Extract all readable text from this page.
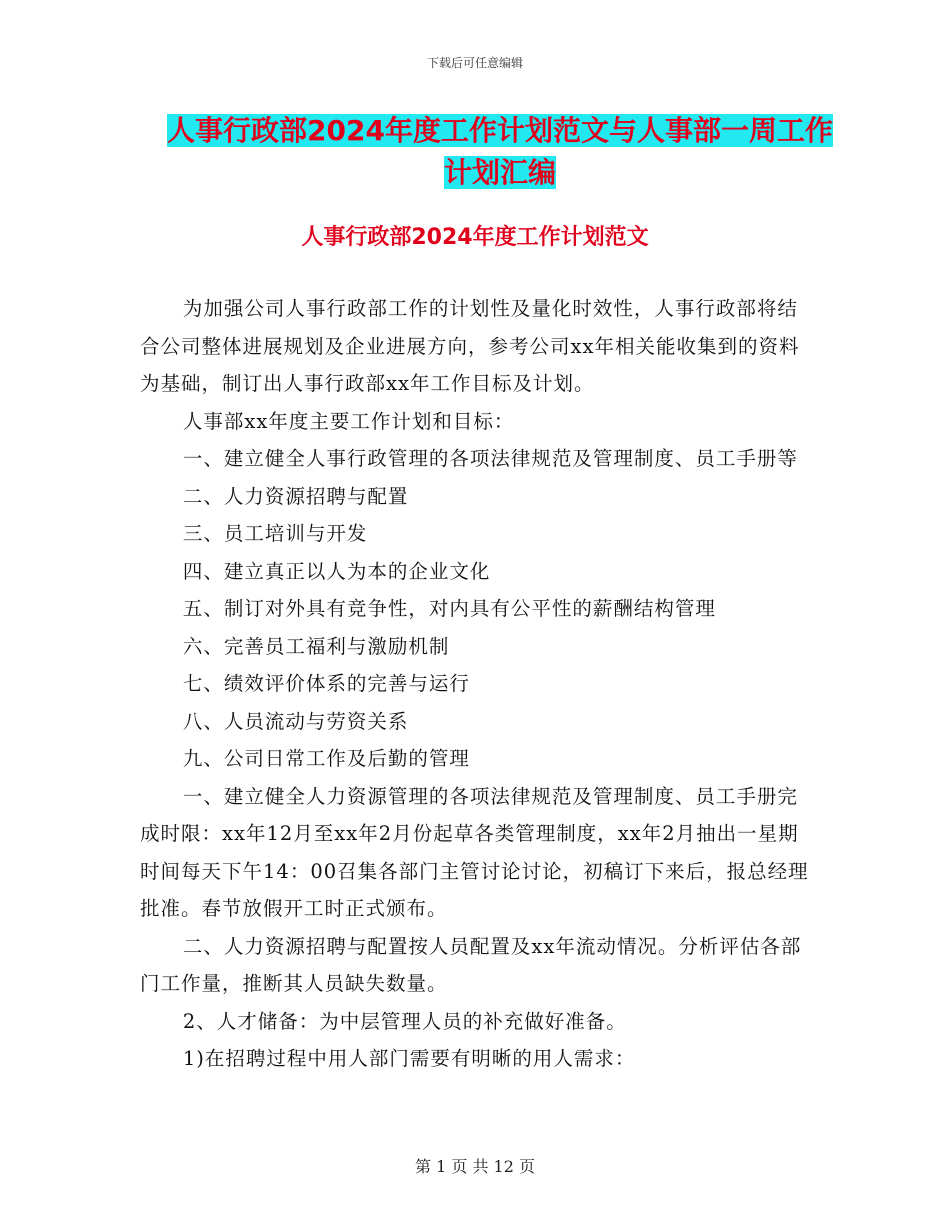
下载后可任意编辑
人事行政部2024年度工作计划范文与人事部一周工作
计划汇编
人事行政部2024年度工作计划范文

为加强公司人事行政部工作的计划性及量化时效性，人事行政部将结合公司整体进展规划及企业进展方向，参考公司xx年相关能收集到的资料为基础，制订出人事行政部xx年工作目标及计划。

人事部xx年度主要工作计划和目标：

一、建立健全人事行政管理的各项法律规范及管理制度、员工手册等

二、人力资源招聘与配置

三、员工培训与开发

四、建立真正以人为本的企业文化

五、制订对外具有竞争性，对内具有公平性的薪酬结构管理

六、完善员工福利与激励机制

七、绩效评价体系的完善与运行

八、人员流动与劳资关系

九、公司日常工作及后勤的管理

一、建立健全人力资源管理的各项法律规范及管理制度、员工手册完成时限：xx年12月至xx年2月份起草各类管理制度，xx年2月抽出一星期时间每天下午14：00召集各部门主管讨论讨论，初稿订下来后，报总经理批准。春节放假开工时正式颁布。

二、人力资源招聘与配置按人员配置及xx年流动情况。分析评估各部门工作量，推断其人员缺失数量。

2、人才储备：为中层管理人员的补充做好准备。

1)在招聘过程中用人部门需要有明晰的用人需求：

第 1 页 共 12 页
